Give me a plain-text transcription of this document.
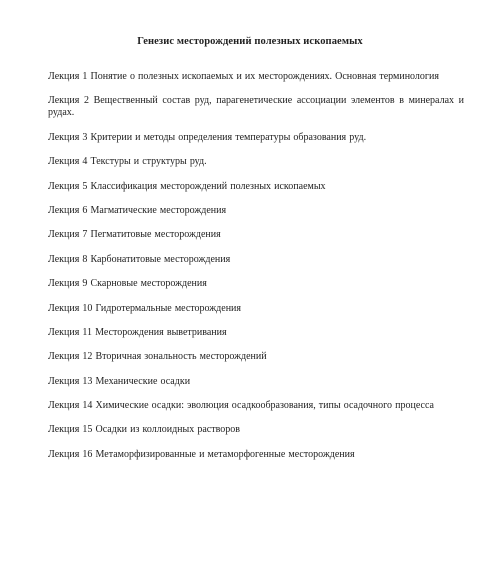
Генезис месторождений полезных ископаемых
Лекция 1 Понятие о полезных ископаемых и их месторождениях. Основная терминология
Лекция 2 Вещественный состав руд, парагенетические ассоциации элементов в минералах и рудах.
Лекция 3 Критерии и методы определения температуры образования руд.
Лекция 4 Текстуры и структуры руд.
Лекция 5 Классификация месторождений полезных ископаемых
Лекция 6 Магматические месторождения
Лекция 7 Пегматитовые месторождения
Лекция 8 Карбонатитовые месторождения
Лекция 9 Скарновые месторождения
Лекция 10 Гидротермальные месторождения
Лекция 11 Месторождения выветривания
Лекция 12 Вторичная зональность месторождений
Лекция 13 Механические осадки
Лекция 14 Химические осадки: эволюция осадкообразования, типы осадочного процесса
Лекция 15 Осадки из коллоидных растворов
Лекция 16 Метаморфизированные и метаморфогенные месторождения
